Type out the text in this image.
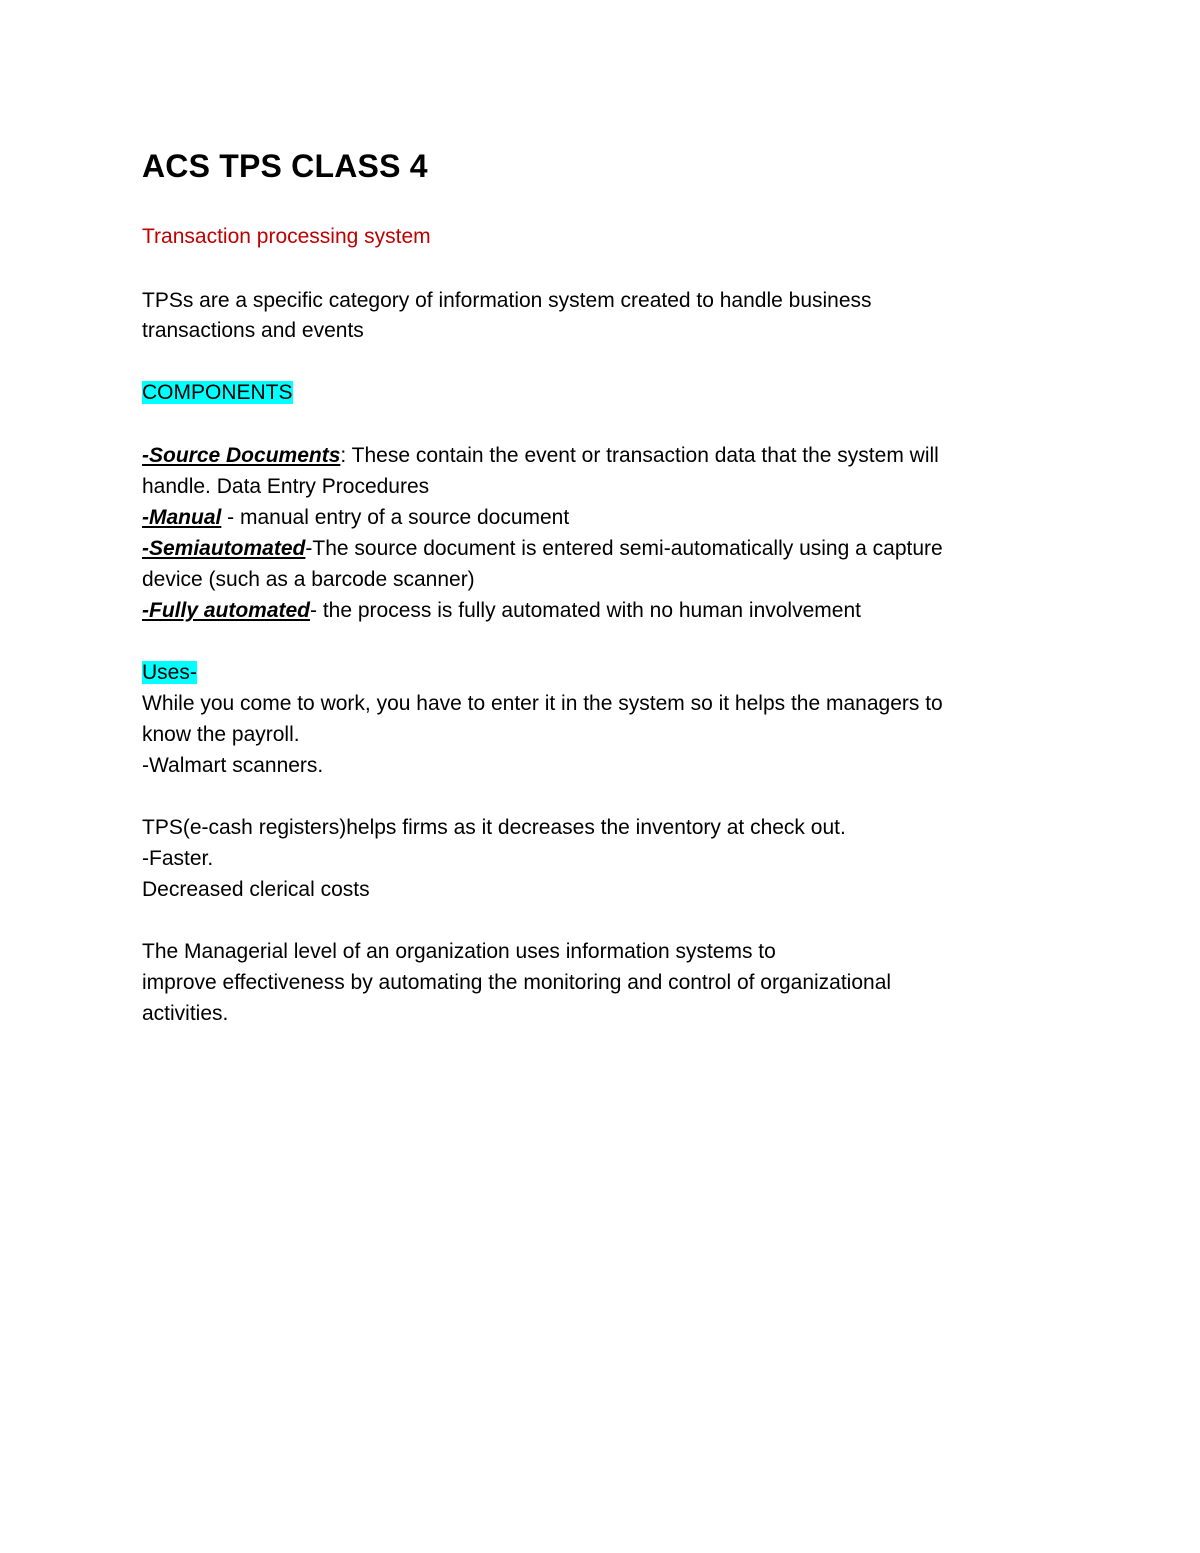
ACS TPS CLASS 4
Transaction processing system
TPSs are a specific category of information system created to handle business
transactions and events
COMPONENTS
-Source Documents: These contain the event or transaction data that the system will
handle. Data Entry Procedures
-Manual - manual entry of a source document
-Semiautomated-The source document is entered semi-automatically using a capture
device (such as a barcode scanner)
-Fully automated- the process is fully automated with no human involvement
Uses-
While you come to work, you have to enter it in the system so it helps the managers to
know the payroll.
-Walmart scanners.
TPS(e-cash registers)helps firms as it decreases the inventory at check out.
-Faster.
Decreased clerical costs
The Managerial level of an organization uses information systems to
improve effectiveness by automating the monitoring and control of organizational
activities.
